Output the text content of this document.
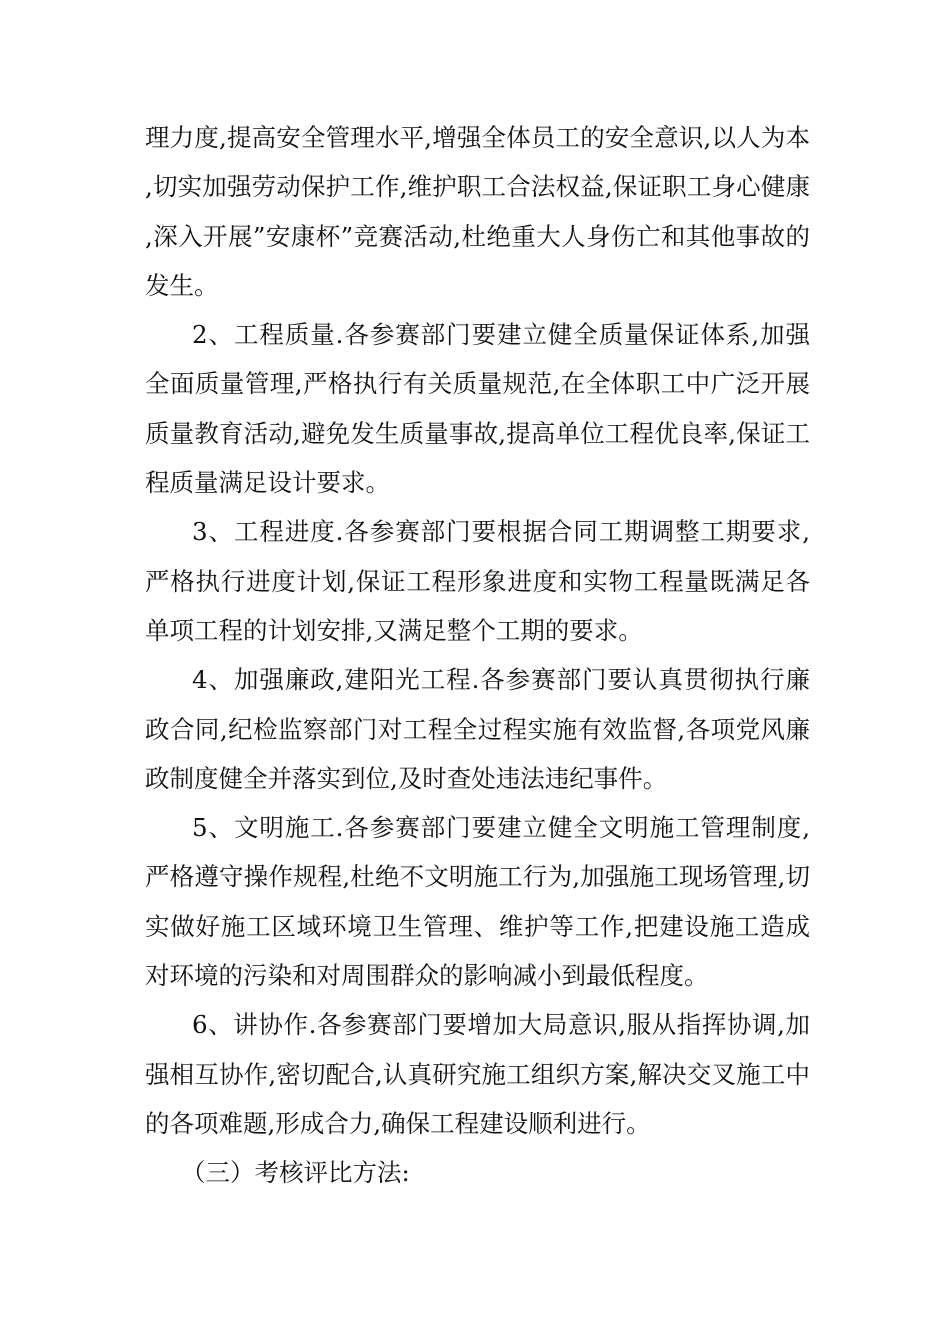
理力度,提高安全管理水平,增强全体员工的安全意识,以人为本,切实加强劳动保护工作,维护职工合法权益,保证职工身心健康,深入开展”安康杯”竞赛活动,杜绝重大人身伤亡和其他事故的发生。

2、工程质量.各参赛部门要建立健全质量保证体系,加强全面质量管理,严格执行有关质量规范,在全体职工中广泛开展质量教育活动,避免发生质量事故,提高单位工程优良率,保证工程质量满足设计要求。

3、工程进度.各参赛部门要根据合同工期调整工期要求,严格执行进度计划,保证工程形象进度和实物工程量既满足各单项工程的计划安排,又满足整个工期的要求。

4、加强廉政,建阳光工程.各参赛部门要认真贯彻执行廉政合同,纪检监察部门对工程全过程实施有效监督,各项党风廉政制度健全并落实到位,及时查处违法违纪事件。

5、文明施工.各参赛部门要建立健全文明施工管理制度,严格遵守操作规程,杜绝不文明施工行为,加强施工现场管理,切实做好施工区域环境卫生管理、维护等工作,把建设施工造成对环境的污染和对周围群众的影响减小到最低程度。

6、讲协作.各参赛部门要增加大局意识,服从指挥协调,加强相互协作,密切配合,认真研究施工组织方案,解决交叉施工中的各项难题,形成合力,确保工程建设顺利进行。

（三）考核评比方法:
